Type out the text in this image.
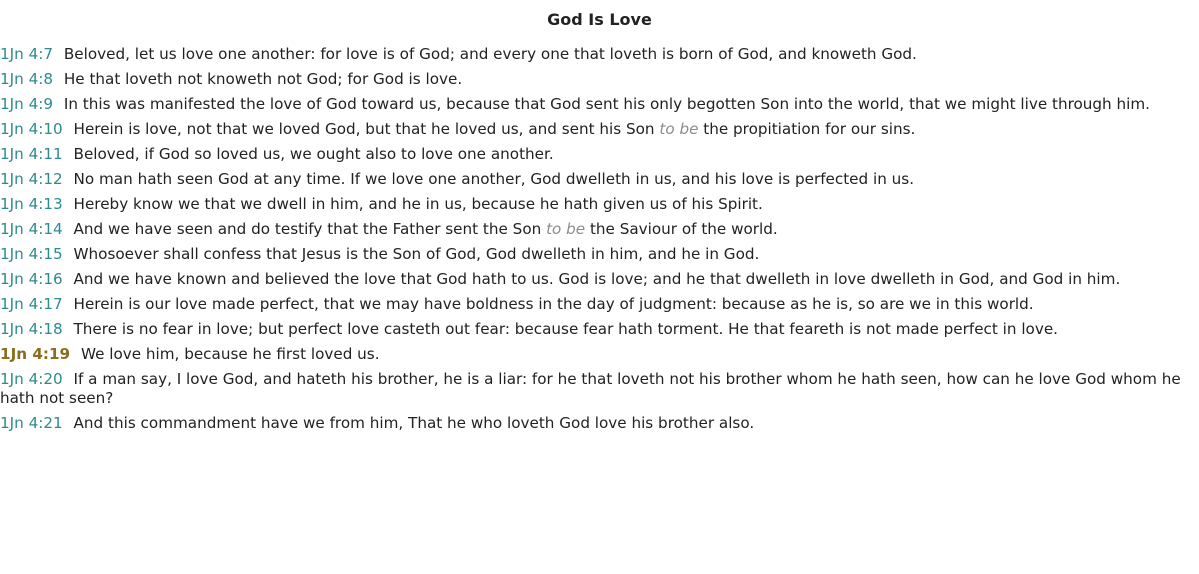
God Is Love

1Jn 4:7 Beloved, let us love one another: for love is of God; and every one that loveth is born of God, and knoweth God.

1Jn 4:8 He that loveth not knoweth not God; for God is love.

1Jn 4:9 In this was manifested the love of God toward us, because that God sent his only begotten Son into the world, that we might live through him.

1Jn 4:10 Herein is love, not that we loved God, but that he loved us, and sent his Son to be the propitiation for our sins.

1Jn 4:11 Beloved, if God so loved us, we ought also to love one another.

1Jn 4:12 No man hath seen God at any time. If we love one another, God dwelleth in us, and his love is perfected in us.

1Jn 4:13 Hereby know we that we dwell in him, and he in us, because he hath given us of his Spirit.

1Jn 4:14 And we have seen and do testify that the Father sent the Son to be the Saviour of the world.

1Jn 4:15 Whosoever shall confess that Jesus is the Son of God, God dwelleth in him, and he in God.

1Jn 4:16 And we have known and believed the love that God hath to us. God is love; and he that dwelleth in love dwelleth in God, and God in him.

1Jn 4:17 Herein is our love made perfect, that we may have boldness in the day of judgment: because as he is, so are we in this world.

1Jn 4:18 There is no fear in love; but perfect love casteth out fear: because fear hath torment. He that feareth is not made perfect in love.

1Jn 4:19 We love him, because he first loved us.

1Jn 4:20 If a man say, I love God, and hateth his brother, he is a liar: for he that loveth not his brother whom he hath seen, how can he love God whom he hath not seen?

1Jn 4:21 And this commandment have we from him, That he who loveth God love his brother also.
